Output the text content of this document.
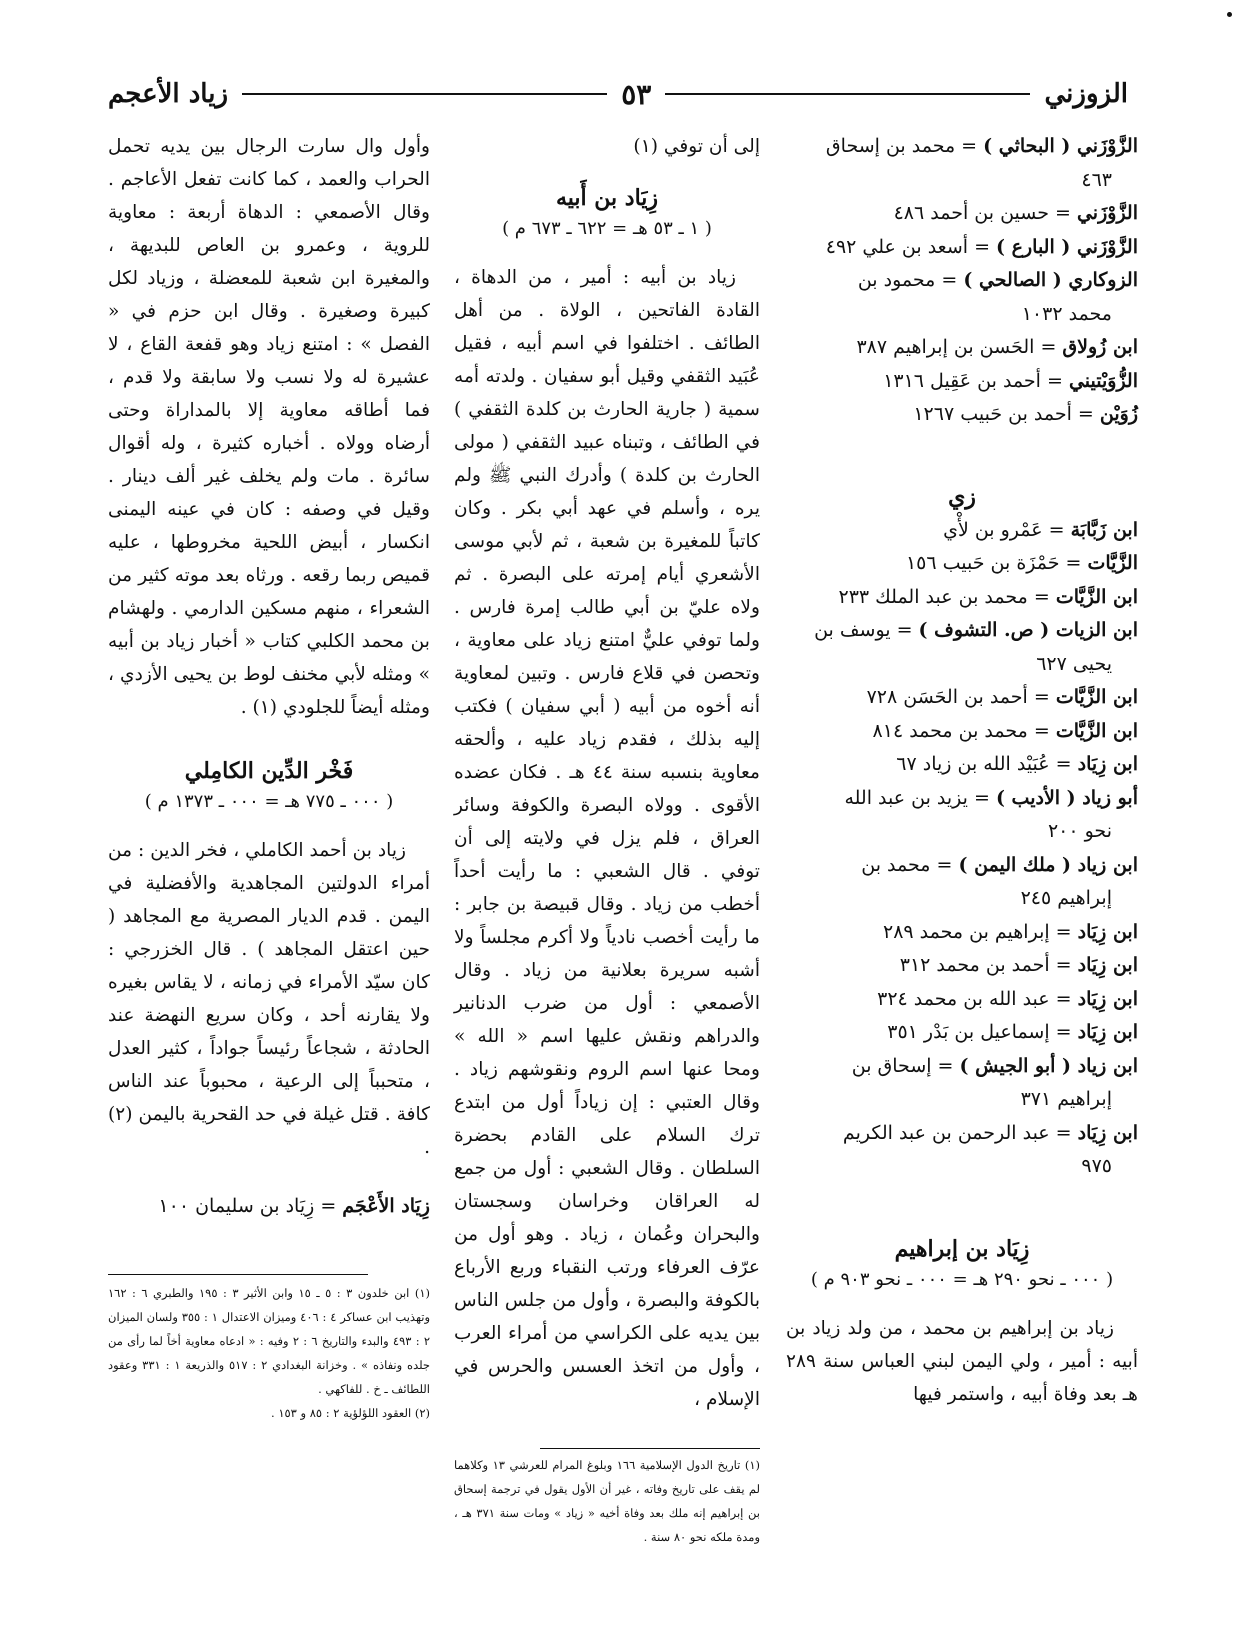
الزوزني
٥٣
زياد الأعجم

الزَّوْزَني ( البحاثي ) = محمد بن إسحاق
٤٦٣

الزَّوْزَني = حسين بن أحمد ٤٨٦

الزَّوْزَني ( البارع ) = أسعد بن علي ٤٩٢

الزوكاري ( الصالحي ) = محمود بن
محمد ١٠٣٢

ابن زُولاق = الحَسن بن إبراهيم ٣٨٧

الزُّوَيْتيني = أحمد بن عَقِيل ١٣١٦

زُوَيْن = أحمد بن حَبيب ١٢٦٧

زي

ابن زَبَّابَة = عَمْرو بن لأْي

الزَّيَّات = حَمْزَة بن حَبيب ١٥٦

ابن الزَّيَّات = محمد بن عبد الملك ٢٣٣

ابن الزيات ( ص. التشوف ) = يوسف بن
يحيى ٦٢٧

ابن الزَّيَّات = أحمد بن الحَسَن ٧٢٨

ابن الزَّيَّات = محمد بن محمد ٨١٤

ابن زِيَاد = عُبَيْد الله بن زياد ٦٧

أبو زياد ( الأديب ) = يزيد بن عبد الله
نحو ٢٠٠

ابن زياد ( ملك اليمن ) = محمد بن
إبراهيم ٢٤٥

ابن زِيَاد = إبراهيم بن محمد ٢٨٩

ابن زِيَاد = أحمد بن محمد ٣١٢

ابن زِيَاد = عبد الله بن محمد ٣٢٤

ابن زِيَاد = إسماعيل بن بَدْر ٣٥١

ابن زياد ( أبو الجيش ) = إسحاق بن
إبراهيم ٣٧١

ابن زِيَاد = عبد الرحمن بن عبد الكريم
٩٧٥

زِيَاد بن إبراهيم

( ٠٠٠ ـ نحو ٢٩٠ هـ = ٠٠٠ ـ نحو ٩٠٣ م )

زياد بن إبراهيم بن محمد ، من ولد زياد بن أبيه : أمير ، ولي اليمن لبني العباس سنة ٢٨٩ هـ بعد وفاة أبيه ، واستمر فيها

إلى أن توفي (١)

زِيَاد بن أَبيه

( ١ ـ ٥٣ هـ = ٦٢٢ ـ ٦٧٣ م )

زياد بن أبيه : أمير ، من الدهاة ، القادة الفاتحين ، الولاة . من أهل الطائف . اختلفوا في اسم أبيه ، فقيل عُبَيد الثقفي وقيل أبو سفيان . ولدته أمه سمية ( جارية الحارث بن كلدة الثقفي ) في الطائف ، وتبناه عبيد الثقفي ( مولى الحارث بن كلدة ) وأدرك النبي ﷺ ولم يره ، وأسلم في عهد أبي بكر . وكان كاتباً للمغيرة بن شعبة ، ثم لأبي موسى الأشعري أيام إمرته على البصرة . ثم ولاه عليّ بن أبي طالب إمرة فارس . ولما توفي عليٌّ امتنع زياد على معاوية ، وتحصن في قلاع فارس . وتبين لمعاوية أنه أخوه من أبيه ( أبي سفيان ) فكتب إليه بذلك ، فقدم زياد عليه ، وألحقه معاوية بنسبه سنة ٤٤ هـ . فكان عضده الأقوى . وولاه البصرة والكوفة وسائر العراق ، فلم يزل في ولايته إلى أن توفي . قال الشعبي : ما رأيت أحداً أخطب من زياد . وقال قبيصة بن جابر : ما رأيت أخصب نادياً ولا أكرم مجلساً ولا أشبه سريرة بعلانية من زياد . وقال الأصمعي : أول من ضرب الدنانير والدراهم ونقش عليها اسم « الله » ومحا عنها اسم الروم ونقوشهم زياد . وقال العتبي : إن زياداً أول من ابتدع ترك السلام على القادم بحضرة السلطان . وقال الشعبي : أول من جمع له العراقان وخراسان وسجستان والبحران وعُمان ، زياد . وهو أول من عرّف العرفاء ورتب النقباء وربع الأرباع بالكوفة والبصرة ، وأول من جلس الناس بين يديه على الكراسي من أمراء العرب ، وأول من اتخذ العسس والحرس في الإسلام ،

(١) تاريخ الدول الإسلامية ١٦٦ وبلوغ المرام للعرشي ١٣ وكلاهما لم يقف على تاريخ وفاته ، غير أن الأول يقول في ترجمة إسحاق بن إبراهيم إنه ملك بعد وفاة أخيه « زياد » ومات سنة ٣٧١ هـ ، ومدة ملكه نحو ٨٠ سنة .

وأول وال سارت الرجال بين يديه تحمل الحراب والعمد ، كما كانت تفعل الأعاجم . وقال الأصمعي : الدهاة أربعة : معاوية للروية ، وعمرو بن العاص للبديهة ، والمغيرة ابن شعبة للمعضلة ، وزياد لكل كبيرة وصغيرة . وقال ابن حزم في « الفصل » : امتنع زياد وهو قفعة القاع ، لا عشيرة له ولا نسب ولا سابقة ولا قدم ، فما أطاقه معاوية إلا بالمداراة وحتى أرضاه وولاه . أخباره كثيرة ، وله أقوال سائرة . مات ولم يخلف غير ألف دينار . وقيل في وصفه : كان في عينه اليمنى انكسار ، أبيض اللحية مخروطها ، عليه قميص ربما رقعه . ورثاه بعد موته كثير من الشعراء ، منهم مسكين الدارمي . ولهشام بن محمد الكلبي كتاب « أخبار زياد بن أبيه » ومثله لأبي مخنف لوط بن يحيى الأزدي ، ومثله أيضاً للجلودي (١) .

فَخْر الدِّين الكامِلي

( ٠٠٠ ـ ٧٧٥ هـ = ٠٠٠ ـ ١٣٧٣ م )

زياد بن أحمد الكاملي ، فخر الدين : من أمراء الدولتين المجاهدية والأفضلية في اليمن . قدم الديار المصرية مع المجاهد ( حين اعتقل المجاهد ) . قال الخزرجي : كان سيّد الأمراء في زمانه ، لا يقاس بغيره ولا يقارنه أحد ، وكان سريع النهضة عند الحادثة ، شجاعاً رئيساً جواداً ، كثير العدل ، متحبباً إلى الرعية ، محبوباً عند الناس كافة . قتل غيلة في حد القحرية باليمن (٢) .

زِيَاد الأَعْجَم = زِيَاد بن سليمان ١٠٠

(١) ابن خلدون ٣ : ٥ ـ ١٥ وابن الأثير ٣ : ١٩٥ والطبري ٦ : ١٦٢ وتهذيب ابن عساكر ٤ : ٤٠٦ وميزان الاعتدال ١ : ٣٥٥ ولسان الميزان ٢ : ٤٩٣ والبدء والتاريخ ٦ : ٢ وفيه : « ادعاه معاوية أخاً لما رأى من جلده ونفاذه » . وخزانة البغدادي ٢ : ٥١٧ والذريعة ١ : ٣٣١ وعقود اللطائف ـ خ . للفاكهي .

(٢) العقود اللؤلؤية ٢ : ٨٥ و ١٥٣ .
